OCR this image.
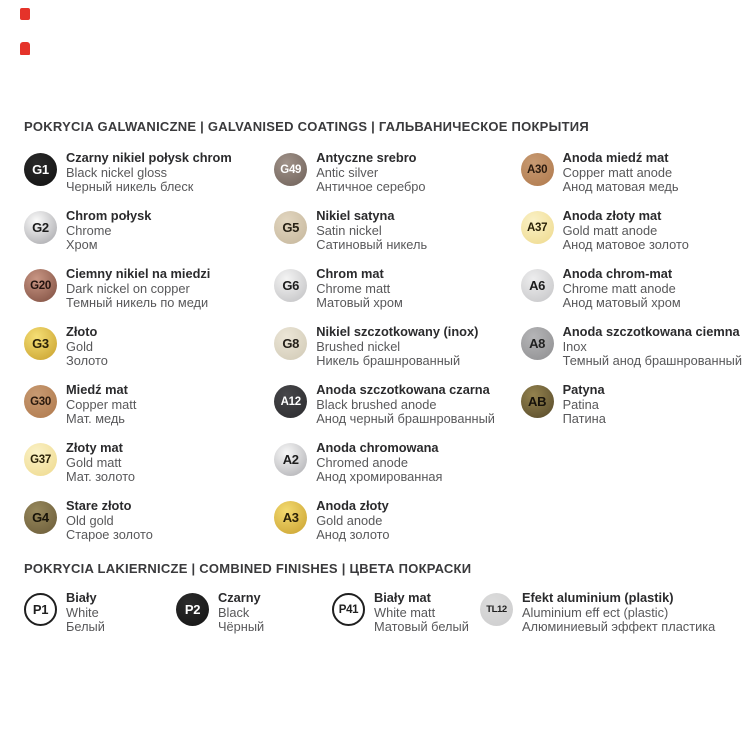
POKRYCIA GALWANICZNE | GALVANISED COATINGS | ГАЛЬВАНИЧЕСКОЕ ПОКРЫТИЯ
G1
Czarny nikiel połysk chrom
Black nickel gloss
Черный никель блеск
G2
Chrom połysk
Chrome
Хром
G20
Ciemny nikiel na miedzi
Dark nickel on copper
Темный никель по меди
G3
Złoto
Gold
Золото
G30
Miedź mat
Copper matt
Мат. медь
G37
Złoty mat
Gold matt
Мат. золото
G4
Stare złoto
Old gold
Старое золото
G49
Antyczne srebro
Antic silver
Античное серебро
G5
Nikiel satyna
Satin nickel
Сатиновый никель
G6
Chrom mat
Chrome matt
Матовый хром
G8
Nikiel szczotkowany (inox)
Brushed nickel
Никель брашнрованный
A12
Anoda szczotkowana czarna
Black brushed anode
Анод черный брашнрованный
A2
Anoda chromowana
Chromed anode
Анод хромированная
A3
Anoda złoty
Gold anode
Анод золото
A30
Anoda miedź mat
Copper matt anode
Анод матовая медь
A37
Anoda złoty mat
Gold matt anode
Анод матовое золото
A6
Anoda chrom-mat
Chrome matt anode
Анод матовый хром
A8
Anoda szczotkowana ciemna
Inox
Темный анод брашнрованный
AB
Patyna
Patina
Патина
POKRYCIA LAKIERNICZE | COMBINED FINISHES | ЦВЕТА ПОКРАСКИ
P1
Biały
White
Белый
P2
Czarny
Black
Чёрный
P41
Biały mat
White matt
Матовый белый
TL12
Efekt aluminium (plastik)
Aluminium eff ect (plastic)
Алюминиевый эффект пластика
